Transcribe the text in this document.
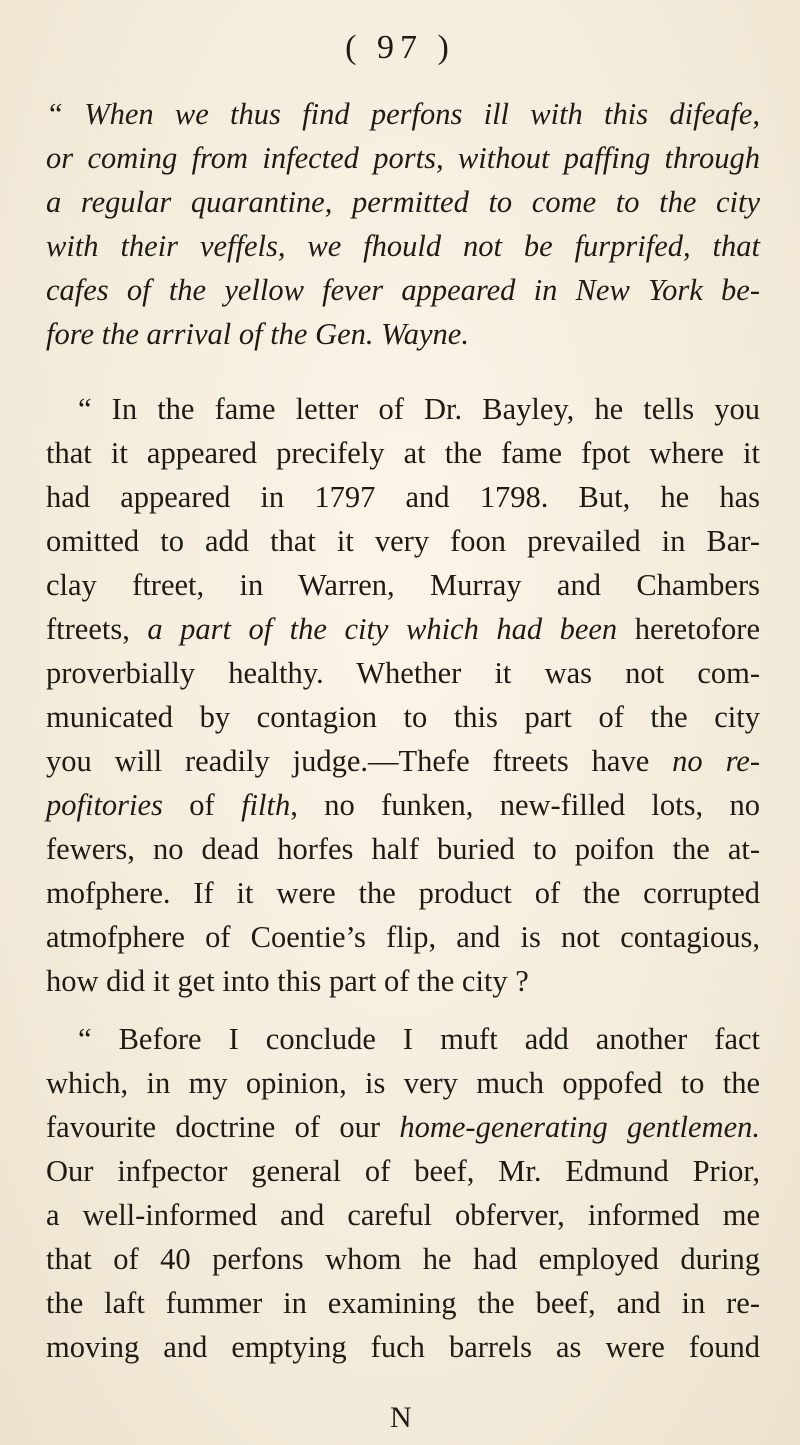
( 97 )
“ When we thus find perfons ill with this difeafe,
or coming from infected ports, without paffing through
a regular quarantine, permitted to come to the city
with their veffels, we fhould not be furprifed, that
cafes of the yellow fever appeared in New York be-
fore the arrival of the Gen. Wayne.
“ In the fame letter of Dr. Bayley, he tells you
that it appeared precifely at the fame fpot where it
had appeared in 1797 and 1798. But, he has
omitted to add that it very foon prevailed in Bar-
clay ftreet, in Warren, Murray and Chambers
ftreets, a part of the city which had been heretofore
proverbially healthy. Whether it was not com-
municated by contagion to this part of the city
you will readily judge.—Thefe ftreets have no re-
pofitories of filth, no funken, new-filled lots, no
fewers, no dead horfes half buried to poifon the at-
mofphere. If it were the product of the corrupted
atmofphere of Coentie’s flip, and is not contagious,
how did it get into this part of the city ?
“ Before I conclude I muft add another fact
which, in my opinion, is very much oppofed to the
favourite doctrine of our home-generating gentlemen.
Our infpector general of beef, Mr. Edmund Prior,
a well-informed and careful obferver, informed me
that of 40 perfons whom he had employed during
the laft fummer in examining the beef, and in re-
moving and emptying fuch barrels as were found
N
